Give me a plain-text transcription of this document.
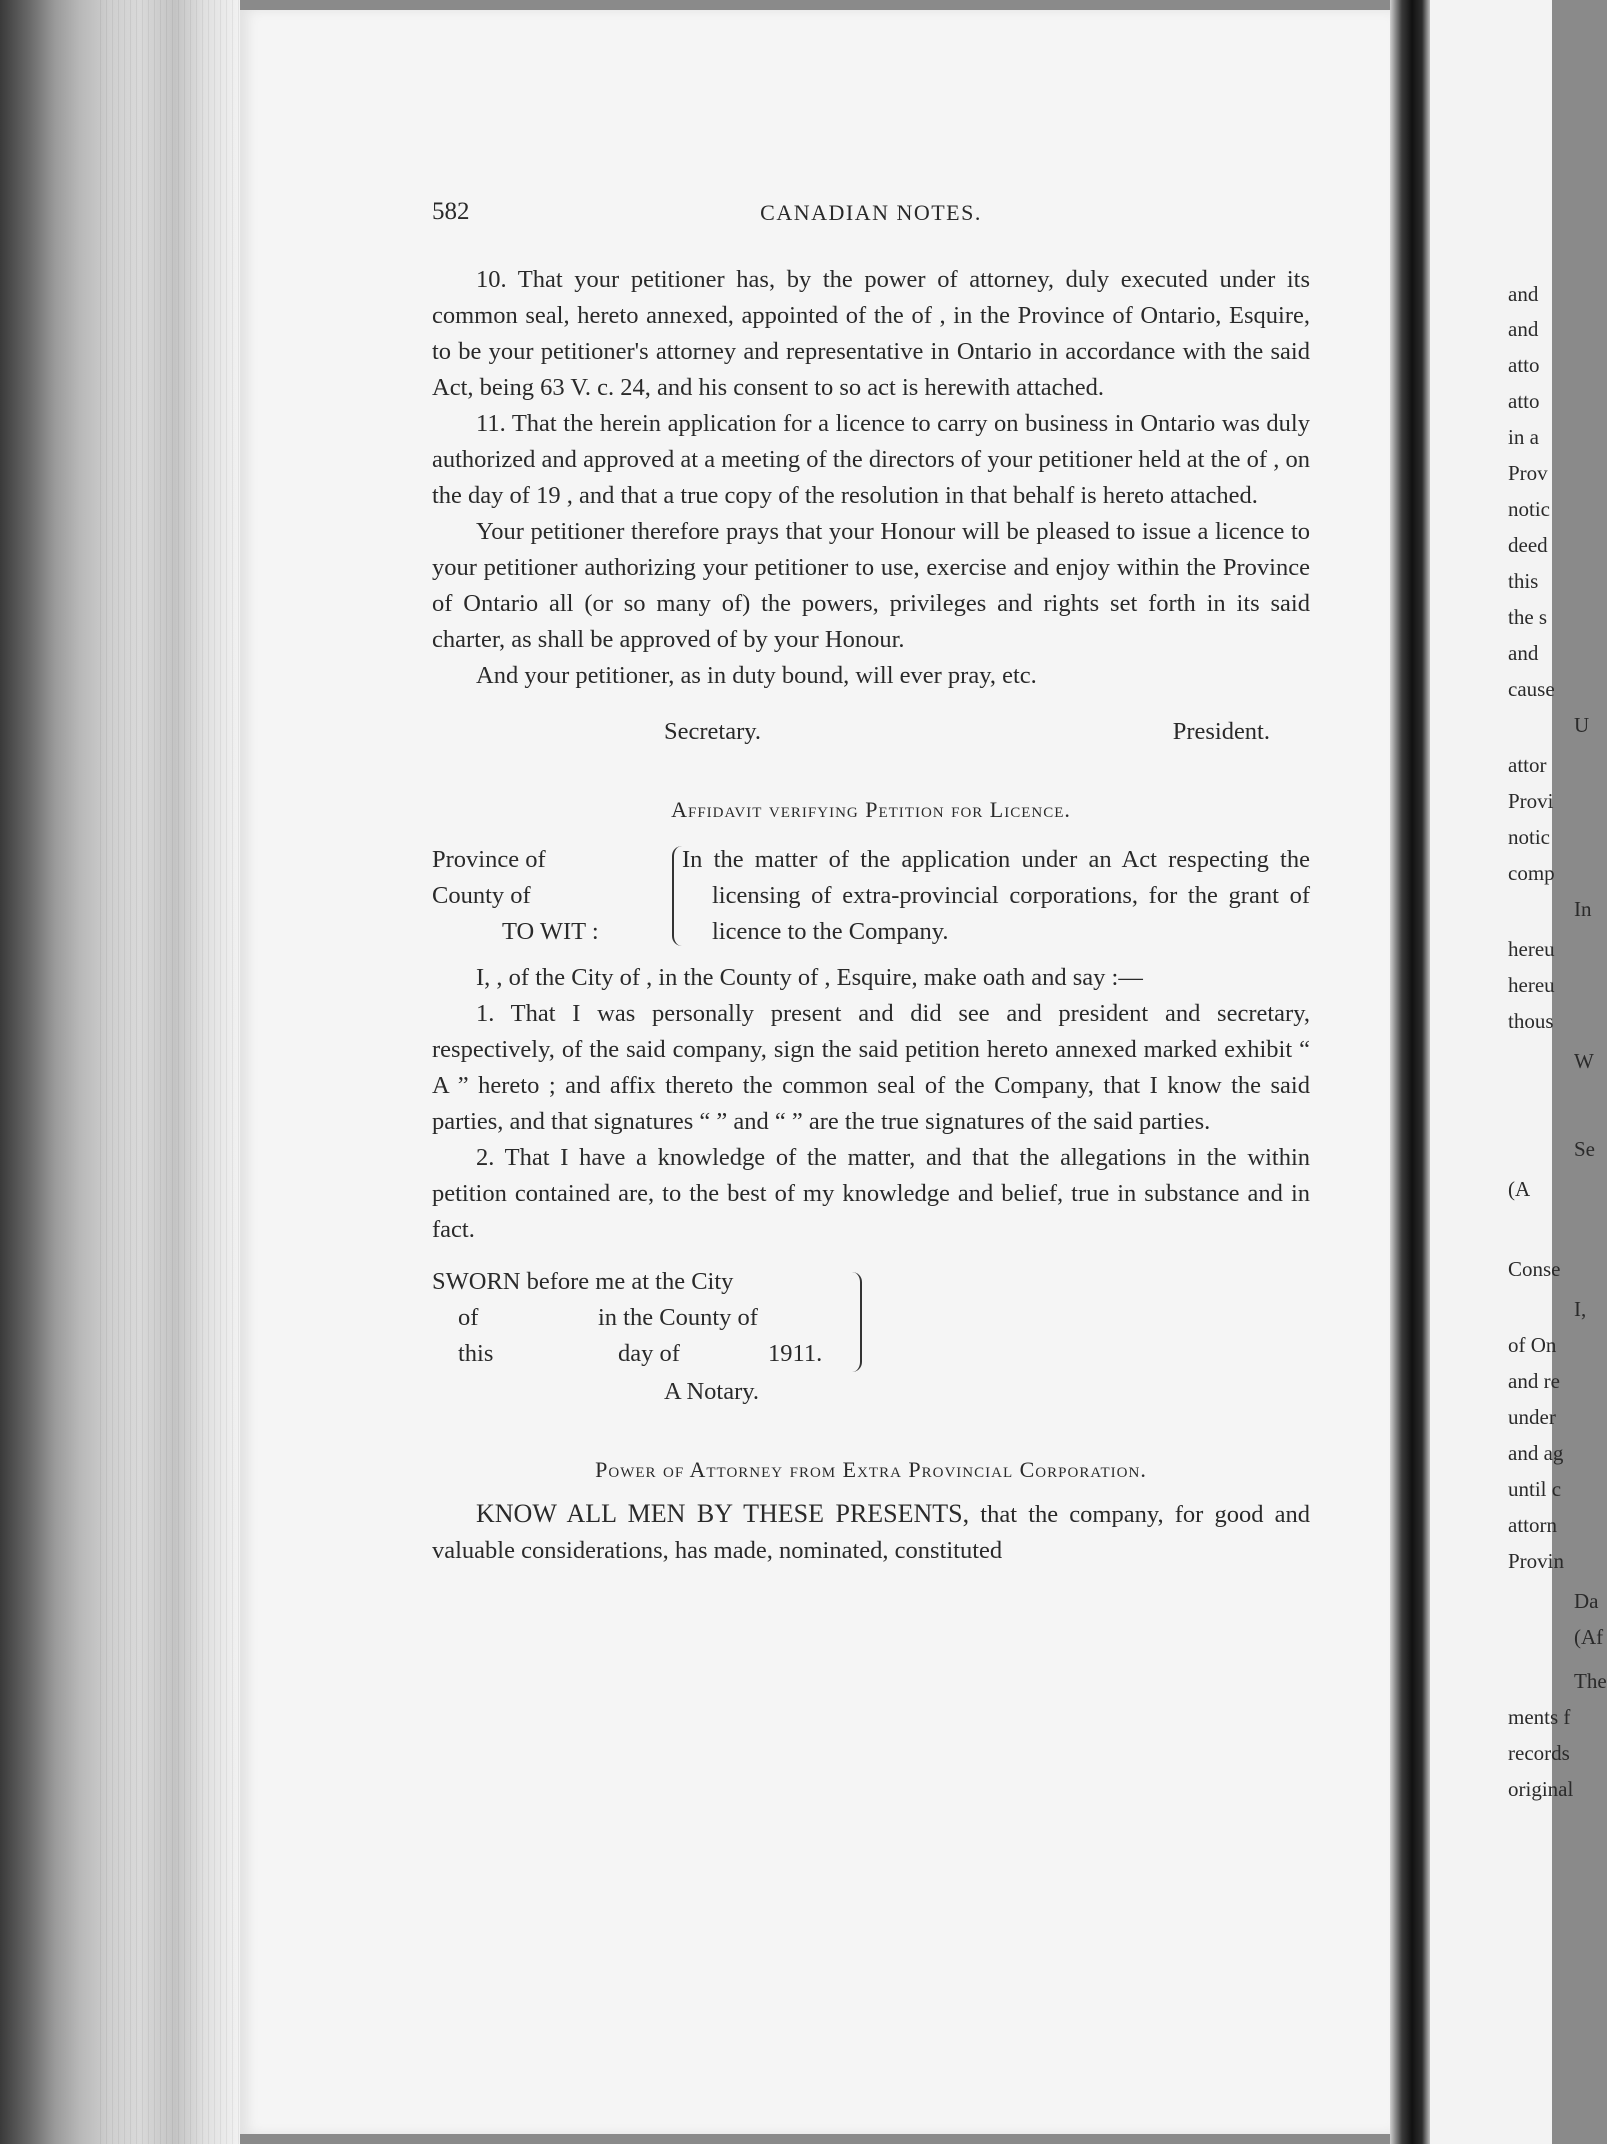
582	CANADIAN NOTES.

10. That your petitioner has, by the power of attorney, duly executed under its common seal, hereto annexed, appointed of the of , in the Province of Ontario, Esquire, to be your petitioner's attorney and representative in Ontario in accordance with the said Act, being 63 V. c. 24, and his consent to so act is herewith attached.

11. That the herein application for a licence to carry on business in Ontario was duly authorized and approved at a meeting of the directors of your petitioner held at the of , on the day of 19 , and that a true copy of the resolution in that behalf is hereto attached.

Your petitioner therefore prays that your Honour will be pleased to issue a licence to your petitioner authorizing your petitioner to use, exercise and enjoy within the Province of Ontario all (or so many of) the powers, privileges and rights set forth in its said charter, as shall be approved of by your Honour.

And your petitioner, as in duty bound, will ever pray, etc.

Secretary.	President.
Affidavit verifying Petition for Licence.
Province of
County of
TO WIT :
In the matter of the application under an Act respecting the licensing of extra-provincial corporations, for the grant of licence to the Company.

I, , of the City of , in the County of , Esquire, make oath and say :—

1. That I was personally present and did see and president and secretary, respectively, of the said company, sign the said petition hereto annexed marked exhibit “ A ” hereto ; and affix thereto the common seal of the Company, that I know the said parties, and that signatures “ ” and “ ” are the true signatures of the said parties.

2. That I have a knowledge of the matter, and that the allegations in the within petition contained are, to the best of my knowledge and belief, true in substance and in fact.

SWORN before me at the City
of	in the County of
this	day of	1911.
A Notary.
Power of Attorney from Extra Provincial Corporation.

KNOW ALL MEN BY THESE PRESENTS, that the company, for good and valuable considerations, has made, nominated, constituted

and
and
atto
atto
in a
Prov
notic
deed
this
the s
and
cause
U
attor
Provi
notic
comp
In
hereu
hereu
thous
W
Se
(A
Conse
I,
of On
and re
under
and ag
until c
attorn
Provin
Da
(Af
The
ments f
records
original
